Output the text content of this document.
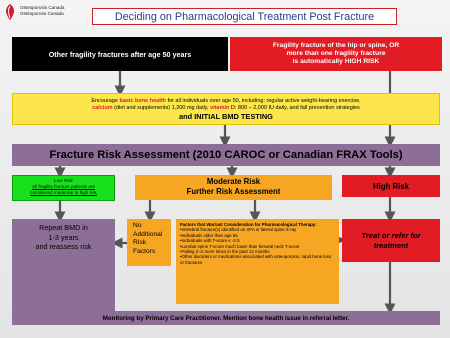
Osteoporosis Canada
Ostéoporose Canada	Deciding on Pharmacological Treatment Post Fracture
Other fragility fractures after age 50 years
Fragility fracture of the hip or spine, OR
more than one fragility fracture
is automatically HIGH RISK
Encourage basic bone health for all individuals over age 50, including: regular active weight-bearing exercise,
calcium (diet and supplements) 1,200 mg daily, vitamin D: 800 – 2,000 IU daily, and fall prevention strategies
and INITIAL BMD TESTING
Fracture Risk Assessment (2010 CAROC or Canadian FRAX Tools)
Low Risk
All fragility fracture patients are
considered moderate to high risk
Moderate Risk
Further Risk Assessment
High Risk
Repeat BMD in
1-3 years
and reassess risk
No
Additional
Risk
Factors
Factors that Warrant Consideration for Pharmacological Therapy:
•Vertebral fracture(s) identified on VFA or lateral spine X-ray
•Individuals older than age 65
•Individuals with T-score ≤ -2.5
•Lumbar spine T-score much lower than femoral neck T-score
•Falling 2 or more times in the past 12 months
•Other disorders or medications associated with osteoporosis, rapid bone loss or fractures
Treat or refer for
treatment
Monitoring by Primary Care Practitioner. Mention bone health issue in referral letter.
